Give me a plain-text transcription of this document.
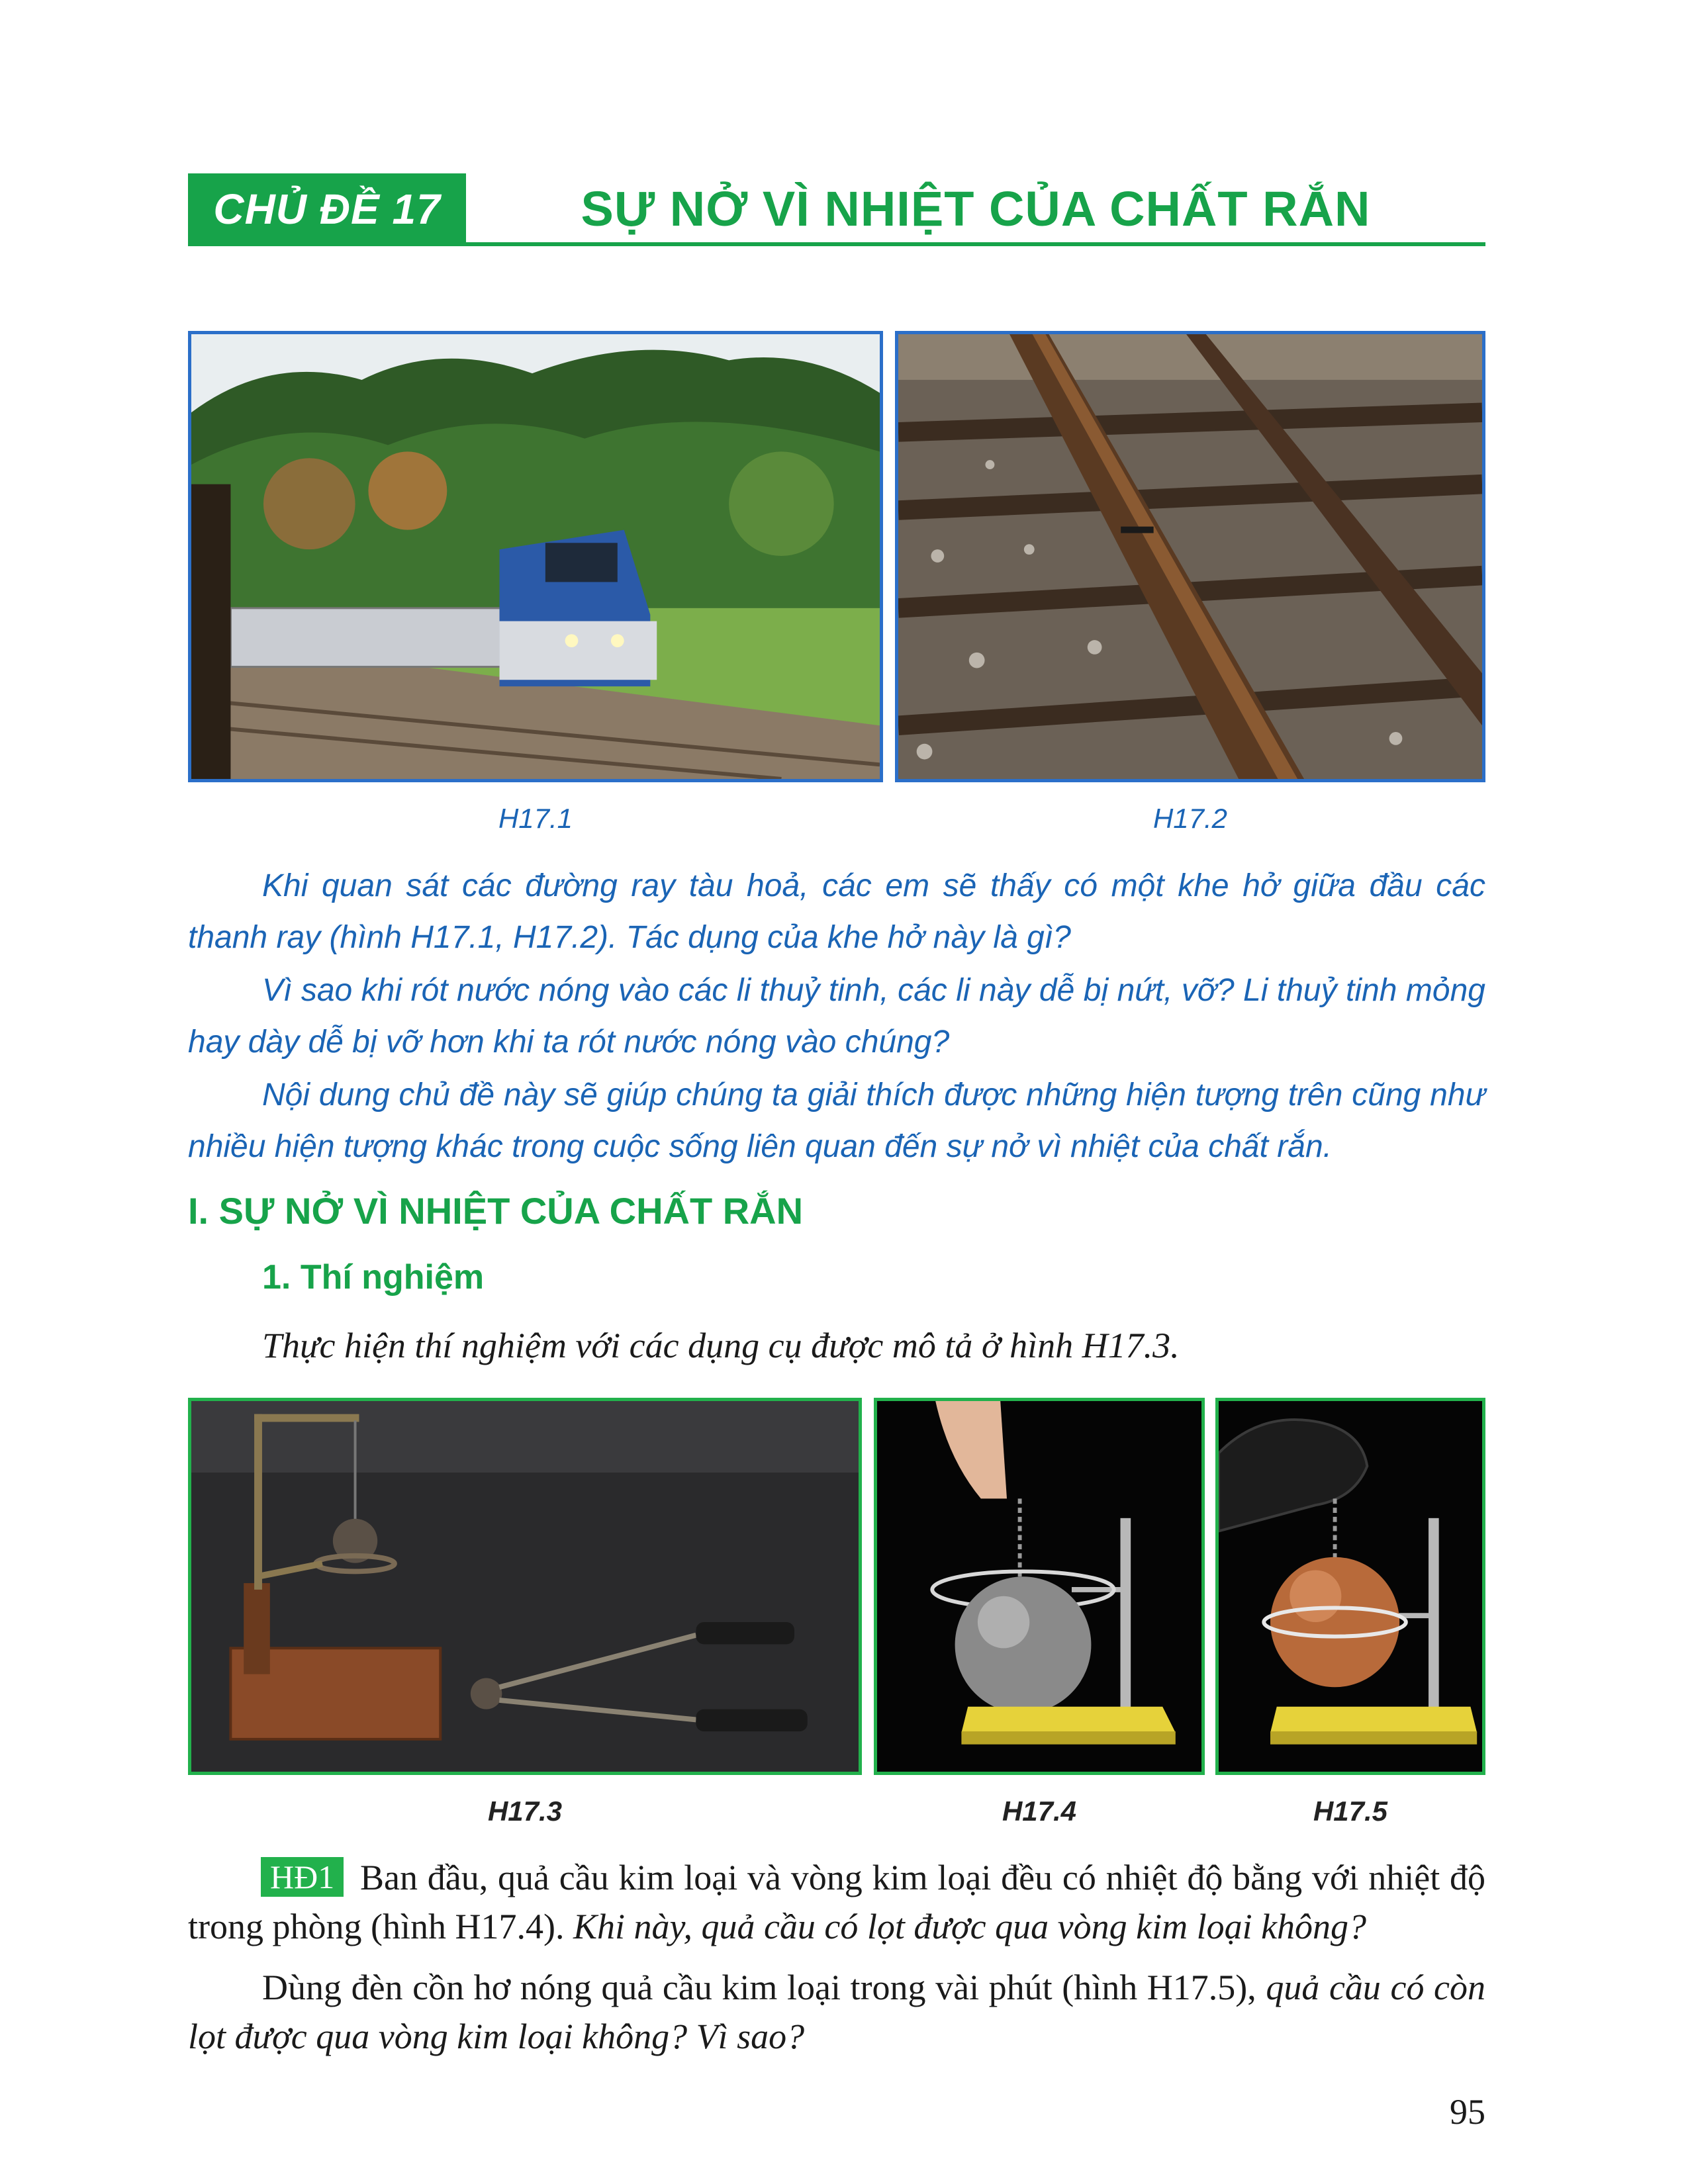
CHỦ ĐỀ 17	SỰ NỞ VÌ NHIỆT CỦA CHẤT RẮN
H17.1	H17.2

Khi quan sát các đường ray tàu hoả, các em sẽ thấy có một khe hở giữa đầu các thanh ray (hình H17.1, H17.2). Tác dụng của khe hở này là gì?

Vì sao khi rót nước nóng vào các li thuỷ tinh, các li này dễ bị nứt, vỡ? Li thuỷ tinh mỏng hay dày dễ bị vỡ hơn khi ta rót nước nóng vào chúng?

Nội dung chủ đề này sẽ giúp chúng ta giải thích được những hiện tượng trên cũng như nhiều hiện tượng khác trong cuộc sống liên quan đến sự nở vì nhiệt của chất rắn.

I. SỰ NỞ VÌ NHIỆT CỦA CHẤT RẮN
1. Thí nghiệm
Thực hiện thí nghiệm với các dụng cụ được mô tả ở hình H17.3.
H17.3	H17.4	H17.5

HĐ1 Ban đầu, quả cầu kim loại và vòng kim loại đều có nhiệt độ bằng với nhiệt độ trong phòng (hình H17.4). Khi này, quả cầu có lọt được qua vòng kim loại không?

Dùng đèn cồn hơ nóng quả cầu kim loại trong vài phút (hình H17.5), quả cầu có còn lọt được qua vòng kim loại không? Vì sao?

95
